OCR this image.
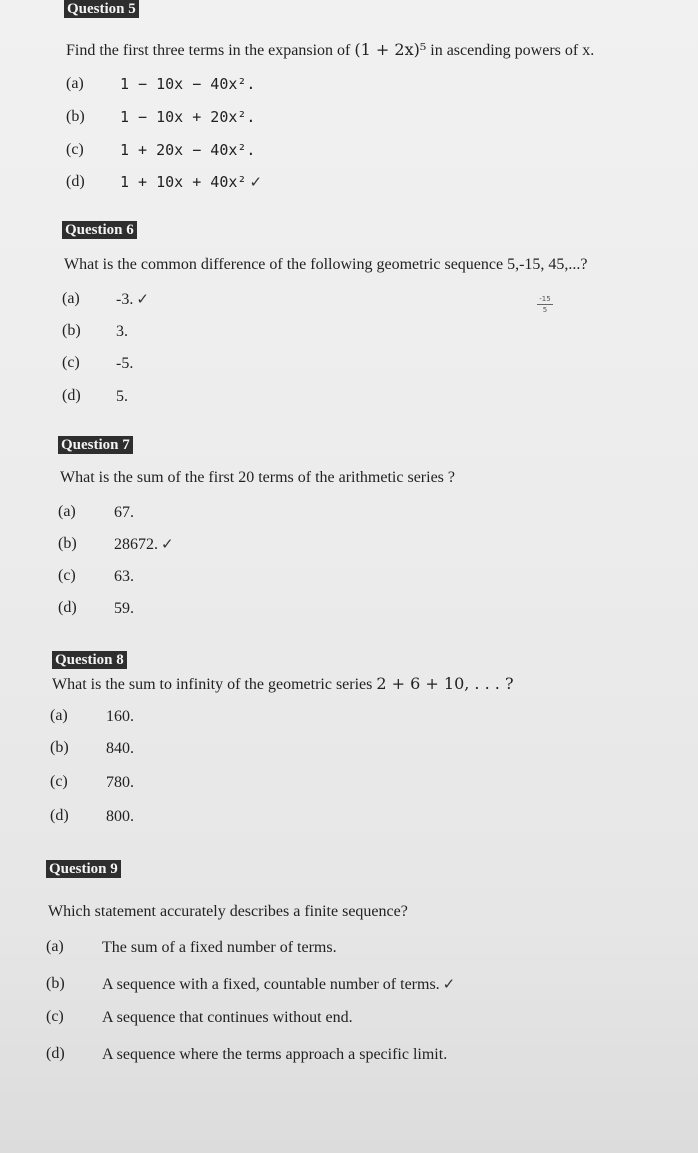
Question 5
Find the first three terms in the expansion of (1 + 2x)⁵ in ascending powers of x.
(a) 1 − 10x − 40x².
(b) 1 − 10x + 20x².
(c) 1 + 20x − 40x².
(d) 1 + 10x + 40x² ✓
Question 6
What is the common difference of the following geometric sequence 5,-15, 45,...?
-15
5
(a) -3. ✓
(b) 3.
(c) -5.
(d) 5.
Question 7
What is the sum of the first 20 terms of the arithmetic series ?
(a) 67.
(b) 28672. ✓
(c) 63.
(d) 59.
Question 8
What is the sum to infinity of the geometric series 2 + 6 + 10, . . . ?
(a) 160.
(b) 840.
(c) 780.
(d) 800.
Question 9
Which statement accurately describes a finite sequence?
(a) The sum of a fixed number of terms.
(b) A sequence with a fixed, countable number of terms. ✓
(c) A sequence that continues without end.
(d) A sequence where the terms approach a specific limit.
